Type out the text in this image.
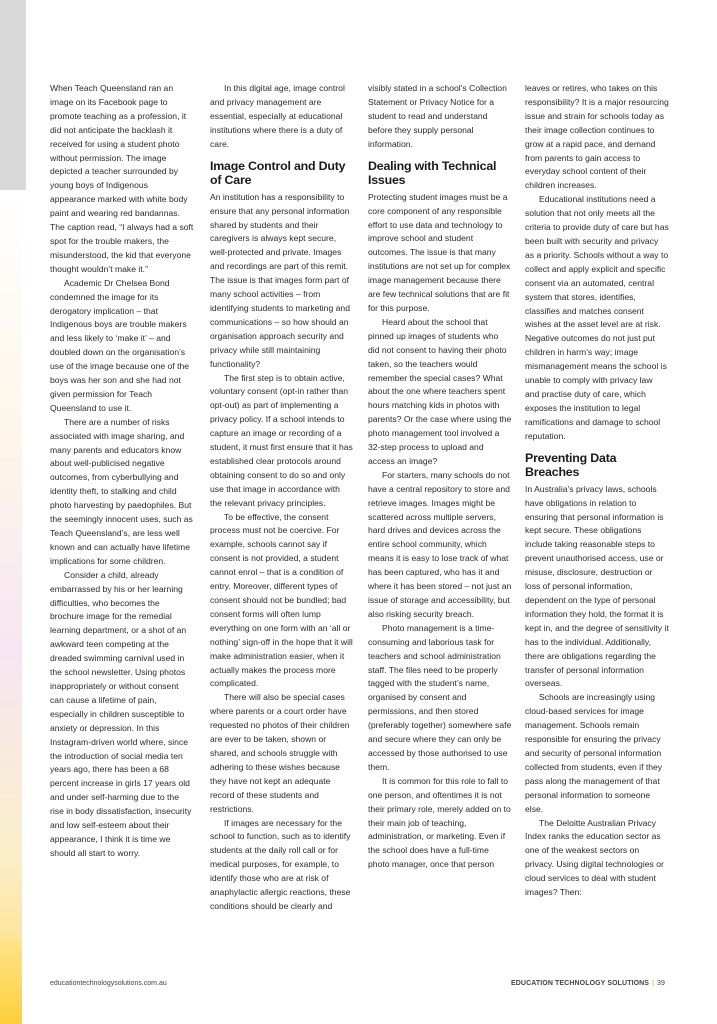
When Teach Queensland ran an image on its Facebook page to promote teaching as a profession, it did not anticipate the backlash it received for using a student photo without permission. The image depicted a teacher surrounded by young boys of Indigenous appearance marked with white body paint and wearing red bandannas. The caption read, “I always had a soft spot for the trouble makers, the misunderstood, the kid that everyone thought wouldn’t make it.”

Academic Dr Chelsea Bond condemned the image for its derogatory implication – that Indigenous boys are trouble makers and less likely to ‘make it’ – and doubled down on the organisation’s use of the image because one of the boys was her son and she had not given permission for Teach Queensland to use it.

There are a number of risks associated with image sharing, and many parents and educators know about well-publicised negative outcomes, from cyberbullying and identity theft, to stalking and child photo harvesting by paedophiles. But the seemingly innocent uses, such as Teach Queensland’s, are less well known and can actually have lifetime implications for some children.

Consider a child, already embarrassed by his or her learning difficulties, who becomes the brochure image for the remedial learning department, or a shot of an awkward teen competing at the dreaded swimming carnival used in the school newsletter. Using photos inappropriately or without consent can cause a lifetime of pain, especially in children susceptible to anxiety or depression. In this Instagram-driven world where, since the introduction of social media ten years ago, there has been a 68 percent increase in girls 17 years old and under self-harming due to the rise in body dissatisfaction, insecurity and low self-esteem about their appearance, I think it is time we should all start to worry.

In this digital age, image control and privacy management are essential, especially at educational institutions where there is a duty of care.

Image Control and Duty of Care

An institution has a responsibility to ensure that any personal information shared by students and their caregivers is always kept secure, well-protected and private. Images and recordings are part of this remit. The issue is that images form part of many school activities – from identifying students to marketing and communications – so how should an organisation approach security and privacy while still maintaining functionality?

The first step is to obtain active, voluntary consent (opt-in rather than opt-out) as part of implementing a privacy policy. If a school intends to capture an image or recording of a student, it must first ensure that it has established clear protocols around obtaining consent to do so and only use that image in accordance with the relevant privacy principles.

To be effective, the consent process must not be coercive. For example, schools cannot say if consent is not provided, a student cannot enrol – that is a condition of entry. Moreover, different types of consent should not be bundled; bad consent forms will often lump everything on one form with an ‘all or nothing’ sign-off in the hope that it will make administration easier, when it actually makes the process more complicated.

There will also be special cases where parents or a court order have requested no photos of their children are ever to be taken, shown or shared, and schools struggle with adhering to these wishes because they have not kept an adequate record of these students and restrictions.

If images are necessary for the school to function, such as to identify students at the daily roll call or for medical purposes, for example, to identify those who are at risk of anaphylactic allergic reactions, these conditions should be clearly and

visibly stated in a school’s Collection Statement or Privacy Notice for a student to read and understand before they supply personal information.

Dealing with Technical Issues

Protecting student images must be a core component of any responsible effort to use data and technology to improve school and student outcomes. The issue is that many institutions are not set up for complex image management because there are few technical solutions that are fit for this purpose.

Heard about the school that pinned up images of students who did not consent to having their photo taken, so the teachers would remember the special cases? What about the one where teachers spent hours matching kids in photos with parents? Or the case where using the photo management tool involved a 32-step process to upload and access an image?

For starters, many schools do not have a central repository to store and retrieve images. Images might be scattered across multiple servers, hard drives and devices across the entire school community, which means it is easy to lose track of what has been captured, who has it and where it has been stored – not just an issue of storage and accessibility, but also risking security breach.

Photo management is a time-consuming and laborious task for teachers and school administration staff. The files need to be properly tagged with the student’s name, organised by consent and permissions, and then stored (preferably together) somewhere safe and secure where they can only be accessed by those authorised to use them.

It is common for this role to fall to one person, and oftentimes it is not their primary role, merely added on to their main job of teaching, administration, or marketing. Even if the school does have a full-time photo manager, once that person

leaves or retires, who takes on this responsibility? It is a major resourcing issue and strain for schools today as their image collection continues to grow at a rapid pace, and demand from parents to gain access to everyday school content of their children increases.

Educational institutions need a solution that not only meets all the criteria to provide duty of care but has been built with security and privacy as a priority. Schools without a way to collect and apply explicit and specific consent via an automated, central system that stores, identifies, classifies and matches consent wishes at the asset level are at risk. Negative outcomes do not just put children in harm’s way; image mismanagement means the school is unable to comply with privacy law and practise duty of care, which exposes the institution to legal ramifications and damage to school reputation.

Preventing Data Breaches

In Australia’s privacy laws, schools have obligations in relation to ensuring that personal information is kept secure. These obligations include taking reasonable steps to prevent unauthorised access, use or misuse, disclosure, destruction or loss of personal information, dependent on the type of personal information they hold, the format it is kept in, and the degree of sensitivity it has to the individual. Additionally, there are obligations regarding the transfer of personal information overseas.

Schools are increasingly using cloud-based services for image management. Schools remain responsible for ensuring the privacy and security of personal information collected from students, even if they pass along the management of that personal information to someone else.

The Deloitte Australian Privacy Index ranks the education sector as one of the weakest sectors on privacy. Using digital technologies or cloud services to deal with student images? Then:

educationtechnologysolutions.com.au	EDUCATION TECHNOLOGY SOLUTIONS | 39
